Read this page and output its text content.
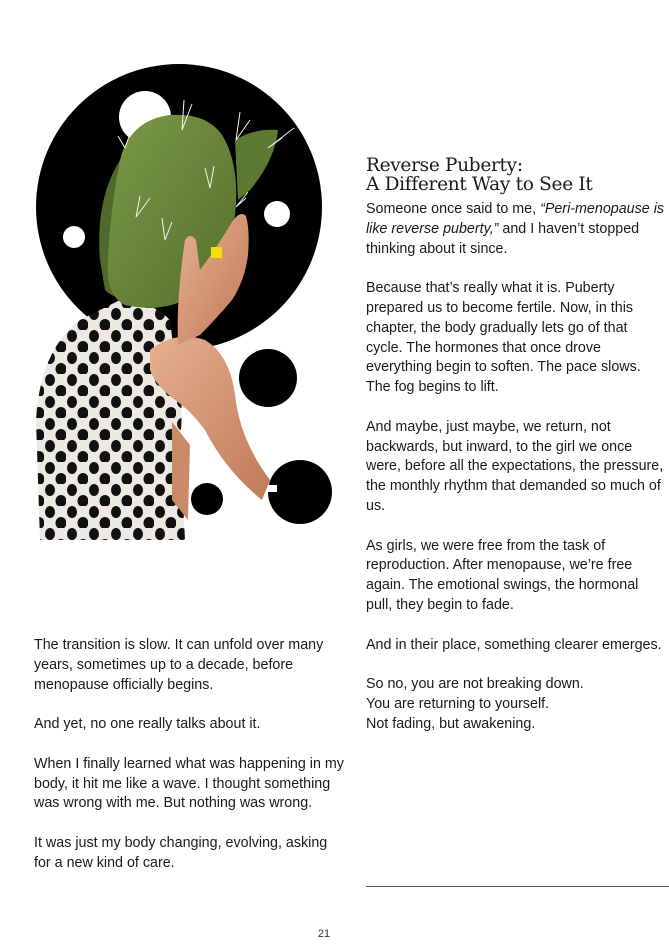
Reverse Puberty:
A Different Way to See It

Someone once said to me, “Peri-menopause is like reverse puberty,” and I haven’t stopped thinking about it since.

Because that’s really what it is. Puberty prepared us to become fertile. Now, in this chapter, the body gradually lets go of that cycle. The hormones that once drove everything begin to soften. The pace slows. The fog begins to lift.

And maybe, just maybe, we return, not backwards, but inward, to the girl we once were, before all the expectations, the pressure, the monthly rhythm that demanded so much of us.

As girls, we were free from the task of reproduction. After menopause, we’re free again. The emotional swings, the hormonal pull, they begin to fade.

And in their place, something clearer emerges.

So no, you are not breaking down.

You are returning to yourself.

Not fading, but awakening.

The transition is slow. It can unfold over many years, sometimes up to a decade, before menopause officially begins.

And yet, no one really talks about it.

When I finally learned what was happening in my body, it hit me like a wave. I thought something was wrong with me. But nothing was wrong.

It was just my body changing, evolving, asking for a new kind of care.

21
